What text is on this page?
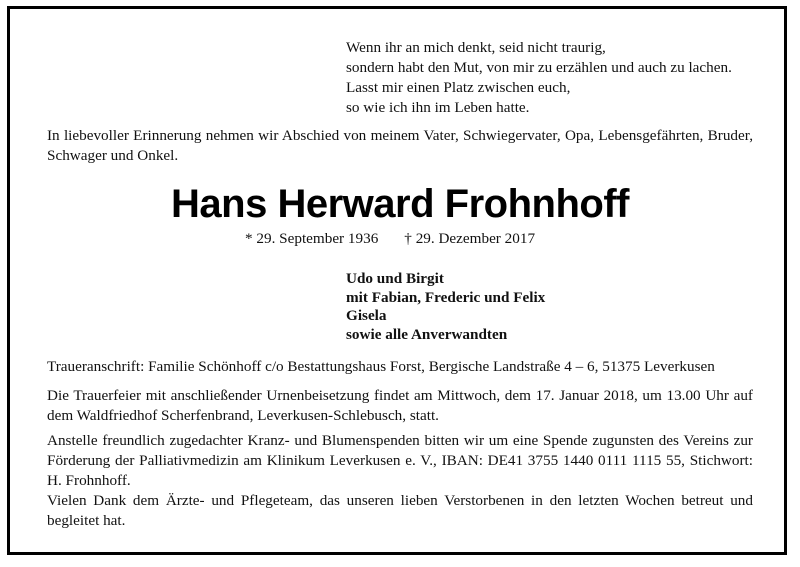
Wenn ihr an mich denkt, seid nicht traurig,
sondern habt den Mut, von mir zu erzählen und auch zu lachen.
Lasst mir einen Platz zwischen euch,
so wie ich ihn im Leben hatte.
In liebevoller Erinnerung nehmen wir Abschied von meinem Vater, Schwiegervater, Opa, Lebensgefährten, Bruder, Schwager und Onkel.
Hans Herward Frohnhoff
* 29. September 1936 † 29. Dezember 2017
Udo und Birgit
mit Fabian, Frederic und Felix
Gisela
sowie alle Anverwandten
Traueranschrift: Familie Schönhoff c/o Bestattungshaus Forst, Bergische Landstraße 4 – 6, 51375 Leverkusen
Die Trauerfeier mit anschließender Urnenbeisetzung findet am Mittwoch, dem 17. Januar 2018, um 13.00 Uhr auf dem Waldfriedhof Scherfenbrand, Leverkusen-Schlebusch, statt.
Anstelle freundlich zugedachter Kranz- und Blumenspenden bitten wir um eine Spende zugunsten des Vereins zur Förderung der Palliativmedizin am Klinikum Leverkusen e. V., IBAN: DE41 3755 1440 0111 1115 55, Stichwort: H. Frohnhoff.
Vielen Dank dem Ärzte- und Pflegeteam, das unseren lieben Verstorbenen in den letzten Wochen betreut und begleitet hat.
